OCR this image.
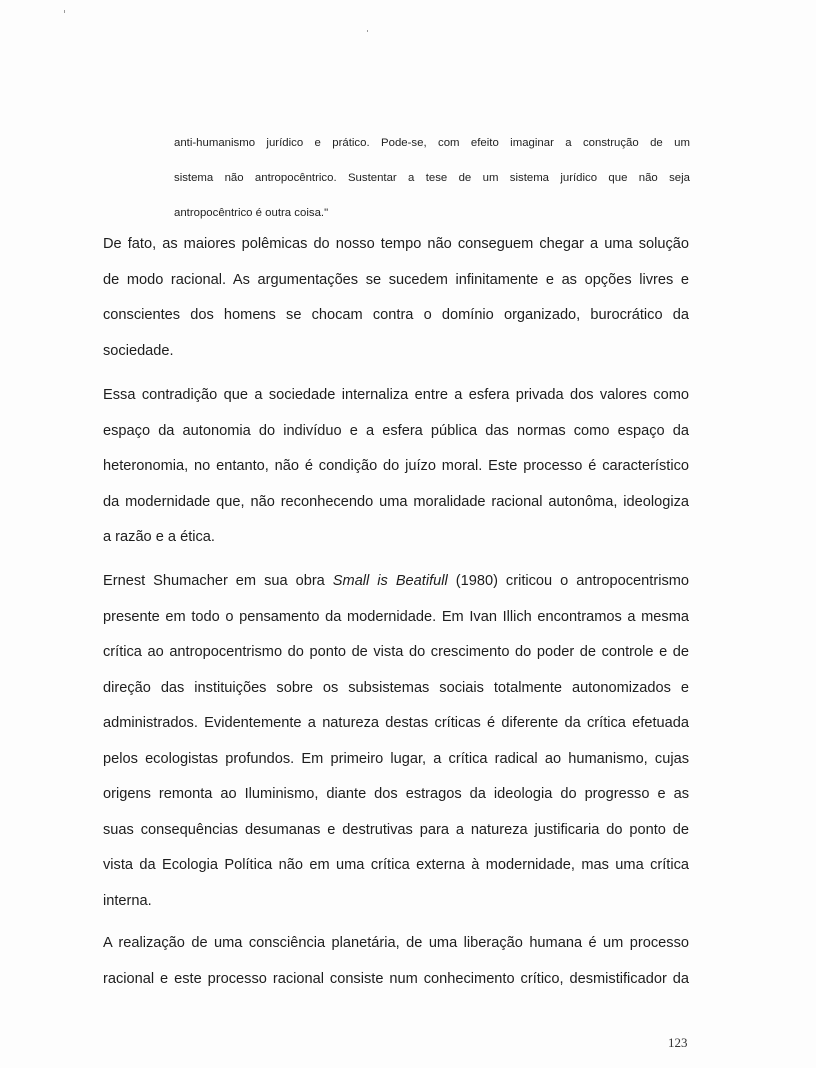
anti-humanismo jurídico e prático. Pode-se, com efeito imaginar a construção de um
sistema não antropocêntrico. Sustentar a tese de um sistema jurídico que não seja
antropocêntrico é outra coisa."
De fato, as maiores polêmicas do nosso tempo não conseguem chegar a uma solução
de modo racional. As argumentações se sucedem infinitamente e as opções livres e
conscientes dos homens se chocam contra o domínio organizado, burocrático da
sociedade.
Essa contradição que a sociedade internaliza entre a esfera privada dos valores como
espaço da autonomia do indivíduo e a esfera pública das normas como espaço da
heteronomia, no entanto, não é condição do juízo moral. Este processo é característico
da modernidade que, não reconhecendo uma moralidade racional autonôma, ideologiza
a razão e a ética.
Ernest Shumacher em sua obra Small is Beatifull (1980) criticou o antropocentrismo
presente em todo o pensamento da modernidade. Em Ivan Illich encontramos a mesma
crítica ao antropocentrismo do ponto de vista do crescimento do poder de controle e de
direção das instituições sobre os subsistemas sociais totalmente autonomizados e
administrados. Evidentemente a natureza destas críticas é diferente da crítica efetuada
pelos ecologistas profundos. Em primeiro lugar, a crítica radical ao humanismo, cujas
origens remonta ao Iluminismo, diante dos estragos da ideologia do progresso e as
suas consequências desumanas e destrutivas para a natureza justificaria do ponto de
vista da Ecologia Política não em uma crítica externa à modernidade, mas uma crítica
interna.
A realização de uma consciência planetária, de uma liberação humana é um processo
racional e este processo racional consiste num conhecimento crítico, desmistificador da
123
